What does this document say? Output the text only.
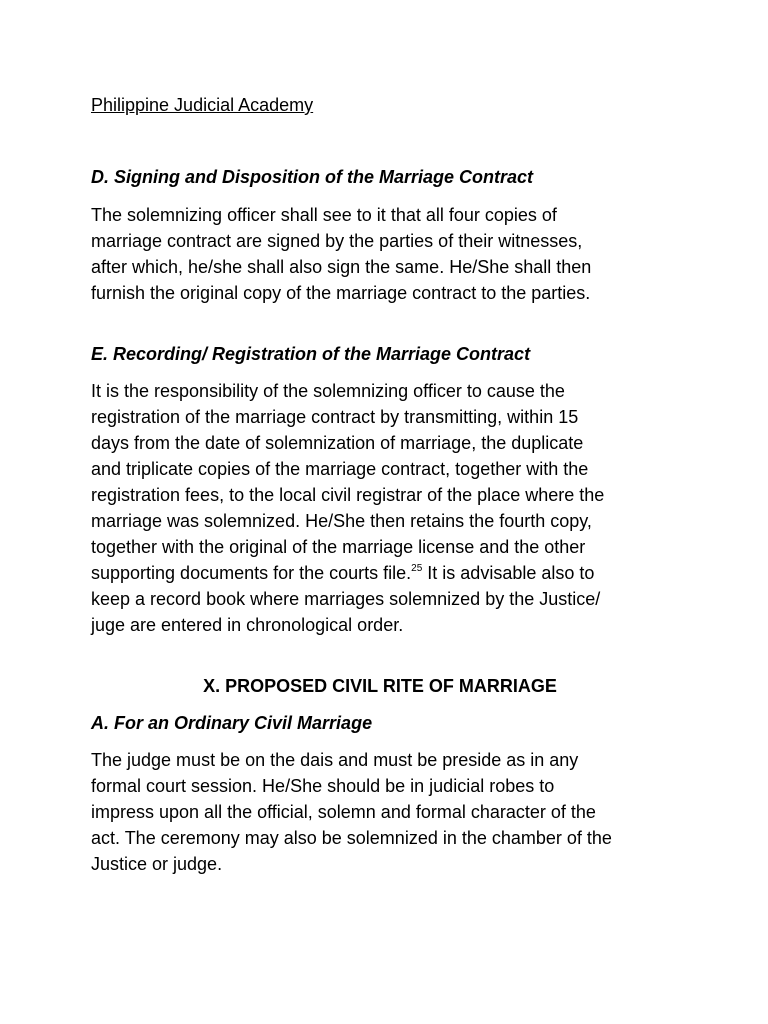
Philippine Judicial Academy

D. Signing and Disposition of the Marriage Contract

The solemnizing officer shall see to it that all four copies of
marriage contract are signed by the parties of their witnesses,
after which, he/she shall also sign the same. He/She shall then
furnish the original copy of the marriage contract to the parties.

E. Recording/ Registration of the Marriage Contract

It is the responsibility of the solemnizing officer to cause the
registration of the marriage contract by transmitting, within 15
days from the date of solemnization of marriage, the duplicate
and triplicate copies of the marriage contract, together with the
registration fees, to the local civil registrar of the place where the
marriage was solemnized. He/She then retains the fourth copy,
together with the original of the marriage license and the other
supporting documents for the courts file.$^{25}$ It is advisable also to
keep a record book where marriages solemnized by the Justice/
juge are entered in chronological order.

X. PROPOSED CIVIL RITE OF MARRIAGE

A. For an Ordinary Civil Marriage

The judge must be on the dais and must be preside as in any
formal court session. He/She should be in judicial robes to
impress upon all the official, solemn and formal character of the
act. The ceremony may also be solemnized in the chamber of the
Justice or judge.
